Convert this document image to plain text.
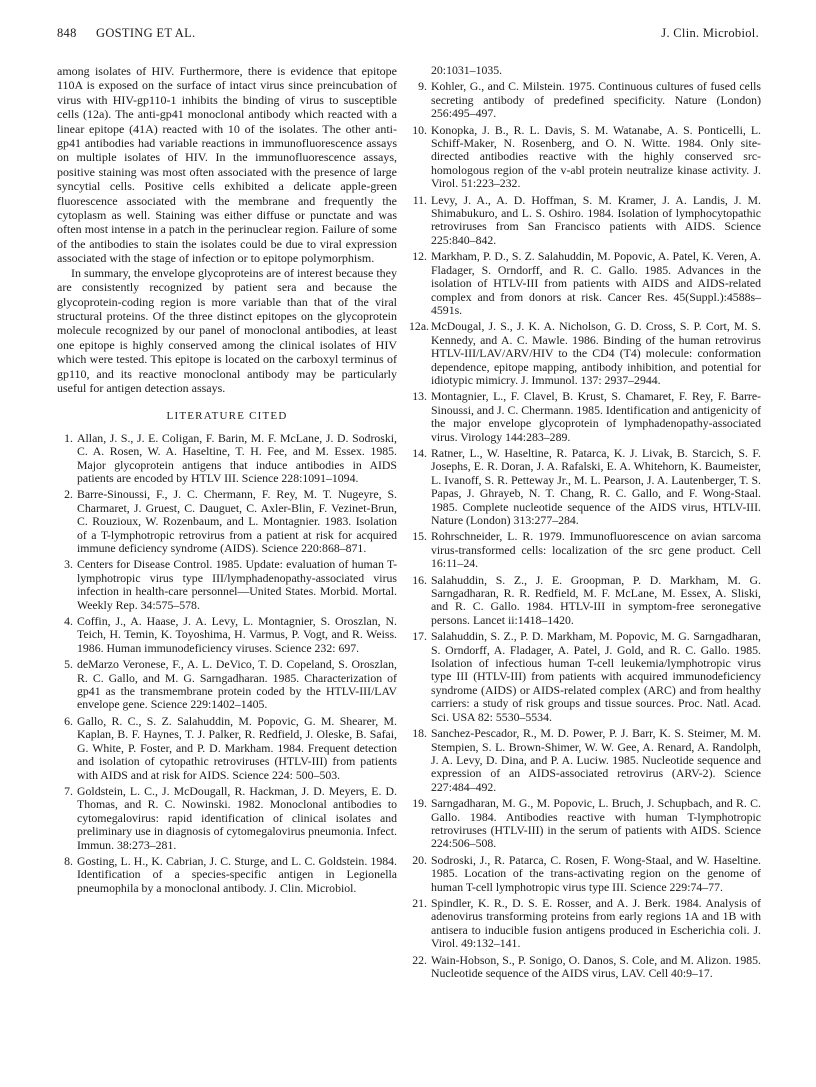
848 GOSTING ET AL.	J. Clin. Microbiol.

among isolates of HIV. Furthermore, there is evidence that epitope 110A is exposed on the surface of intact virus since preincubation of virus with HIV-gp110-1 inhibits the binding of virus to susceptible cells (12a). The anti-gp41 monoclonal antibody which reacted with a linear epitope (41A) reacted with 10 of the isolates. The other anti-gp41 antibodies had variable reactions in immunofluorescence assays on multiple isolates of HIV. In the immunofluorescence assays, positive staining was most often associated with the presence of large syncytial cells. Positive cells exhibited a delicate apple-green fluorescence associated with the membrane and frequently the cytoplasm as well. Staining was either diffuse or punctate and was often most intense in a patch in the perinuclear region. Failure of some of the antibodies to stain the isolates could be due to viral expression associated with the stage of infection or to epitope polymorphism.

In summary, the envelope glycoproteins are of interest because they are consistently recognized by patient sera and because the glycoprotein-coding region is more variable than that of the viral structural proteins. Of the three distinct epitopes on the glycoprotein molecule recognized by our panel of monoclonal antibodies, at least one epitope is highly conserved among the clinical isolates of HIV which were tested. This epitope is located on the carboxyl terminus of gp110, and its reactive monoclonal antibody may be particularly useful for antigen detection assays.

LITERATURE CITED
1. Allan, J. S., J. E. Coligan, F. Barin, M. F. McLane, J. D. Sodroski, C. A. Rosen, W. A. Haseltine, T. H. Fee, and M. Essex. 1985. Major glycoprotein antigens that induce antibodies in AIDS patients are encoded by HTLV III. Science 228:1091–1094.
2. Barre-Sinoussi, F., J. C. Chermann, F. Rey, M. T. Nugeyre, S. Charmaret, J. Gruest, C. Dauguet, C. Axler-Blin, F. Vezinet-Brun, C. Rouzioux, W. Rozenbaum, and L. Montagnier. 1983. Isolation of a T-lymphotropic retrovirus from a patient at risk for acquired immune deficiency syndrome (AIDS). Science 220:868–871.
3. Centers for Disease Control. 1985. Update: evaluation of human T-lymphotropic virus type III/lymphadenopathy-associated virus infection in health-care personnel—United States. Morbid. Mortal. Weekly Rep. 34:575–578.
4. Coffin, J., A. Haase, J. A. Levy, L. Montagnier, S. Oroszlan, N. Teich, H. Temin, K. Toyoshima, H. Varmus, P. Vogt, and R. Weiss. 1986. Human immunodeficiency viruses. Science 232: 697.
5. deMarzo Veronese, F., A. L. DeVico, T. D. Copeland, S. Oroszlan, R. C. Gallo, and M. G. Sarngadharan. 1985. Characterization of gp41 as the transmembrane protein coded by the HTLV-III/LAV envelope gene. Science 229:1402–1405.
6. Gallo, R. C., S. Z. Salahuddin, M. Popovic, G. M. Shearer, M. Kaplan, B. F. Haynes, T. J. Palker, R. Redfield, J. Oleske, B. Safai, G. White, P. Foster, and P. D. Markham. 1984. Frequent detection and isolation of cytopathic retroviruses (HTLV-III) from patients with AIDS and at risk for AIDS. Science 224: 500–503.
7. Goldstein, L. C., J. McDougall, R. Hackman, J. D. Meyers, E. D. Thomas, and R. C. Nowinski. 1982. Monoclonal antibodies to cytomegalovirus: rapid identification of clinical isolates and preliminary use in diagnosis of cytomegalovirus pneumonia. Infect. Immun. 38:273–281.
8. Gosting, L. H., K. Cabrian, J. C. Sturge, and L. C. Goldstein. 1984. Identification of a species-specific antigen in Legionella pneumophila by a monoclonal antibody. J. Clin. Microbiol.
20:1031–1035.
9. Kohler, G., and C. Milstein. 1975. Continuous cultures of fused cells secreting antibody of predefined specificity. Nature (London) 256:495–497.
10. Konopka, J. B., R. L. Davis, S. M. Watanabe, A. S. Ponticelli, L. Schiff-Maker, N. Rosenberg, and O. N. Witte. 1984. Only site-directed antibodies reactive with the highly conserved src-homologous region of the v-abl protein neutralize kinase activity. J. Virol. 51:223–232.
11. Levy, J. A., A. D. Hoffman, S. M. Kramer, J. A. Landis, J. M. Shimabukuro, and L. S. Oshiro. 1984. Isolation of lymphocytopathic retroviruses from San Francisco patients with AIDS. Science 225:840–842.
12. Markham, P. D., S. Z. Salahuddin, M. Popovic, A. Patel, K. Veren, A. Fladager, S. Orndorff, and R. C. Gallo. 1985. Advances in the isolation of HTLV-III from patients with AIDS and AIDS-related complex and from donors at risk. Cancer Res. 45(Suppl.):4588s–4591s.
12a. McDougal, J. S., J. K. A. Nicholson, G. D. Cross, S. P. Cort, M. S. Kennedy, and A. C. Mawle. 1986. Binding of the human retrovirus HTLV-III/LAV/ARV/HIV to the CD4 (T4) molecule: conformation dependence, epitope mapping, antibody inhibition, and potential for idiotypic mimicry. J. Immunol. 137: 2937–2944.
13. Montagnier, L., F. Clavel, B. Krust, S. Chamaret, F. Rey, F. Barre-Sinoussi, and J. C. Chermann. 1985. Identification and antigenicity of the major envelope glycoprotein of lymphadenopathy-associated virus. Virology 144:283–289.
14. Ratner, L., W. Haseltine, R. Patarca, K. J. Livak, B. Starcich, S. F. Josephs, E. R. Doran, J. A. Rafalski, E. A. Whitehorn, K. Baumeister, L. Ivanoff, S. R. Petteway Jr., M. L. Pearson, J. A. Lautenberger, T. S. Papas, J. Ghrayeb, N. T. Chang, R. C. Gallo, and F. Wong-Staal. 1985. Complete nucleotide sequence of the AIDS virus, HTLV-III. Nature (London) 313:277–284.
15. Rohrschneider, L. R. 1979. Immunofluorescence on avian sarcoma virus-transformed cells: localization of the src gene product. Cell 16:11–24.
16. Salahuddin, S. Z., J. E. Groopman, P. D. Markham, M. G. Sarngadharan, R. R. Redfield, M. F. McLane, M. Essex, A. Sliski, and R. C. Gallo. 1984. HTLV-III in symptom-free seronegative persons. Lancet ii:1418–1420.
17. Salahuddin, S. Z., P. D. Markham, M. Popovic, M. G. Sarngadharan, S. Orndorff, A. Fladager, A. Patel, J. Gold, and R. C. Gallo. 1985. Isolation of infectious human T-cell leukemia/lymphotropic virus type III (HTLV-III) from patients with acquired immunodeficiency syndrome (AIDS) or AIDS-related complex (ARC) and from healthy carriers: a study of risk groups and tissue sources. Proc. Natl. Acad. Sci. USA 82: 5530–5534.
18. Sanchez-Pescador, R., M. D. Power, P. J. Barr, K. S. Steimer, M. M. Stempien, S. L. Brown-Shimer, W. W. Gee, A. Renard, A. Randolph, J. A. Levy, D. Dina, and P. A. Luciw. 1985. Nucleotide sequence and expression of an AIDS-associated retrovirus (ARV-2). Science 227:484–492.
19. Sarngadharan, M. G., M. Popovic, L. Bruch, J. Schupbach, and R. C. Gallo. 1984. Antibodies reactive with human T-lymphotropic retroviruses (HTLV-III) in the serum of patients with AIDS. Science 224:506–508.
20. Sodroski, J., R. Patarca, C. Rosen, F. Wong-Staal, and W. Haseltine. 1985. Location of the trans-activating region on the genome of human T-cell lymphotropic virus type III. Science 229:74–77.
21. Spindler, K. R., D. S. E. Rosser, and A. J. Berk. 1984. Analysis of adenovirus transforming proteins from early regions 1A and 1B with antisera to inducible fusion antigens produced in Escherichia coli. J. Virol. 49:132–141.
22. Wain-Hobson, S., P. Sonigo, O. Danos, S. Cole, and M. Alizon. 1985. Nucleotide sequence of the AIDS virus, LAV. Cell 40:9–17.
